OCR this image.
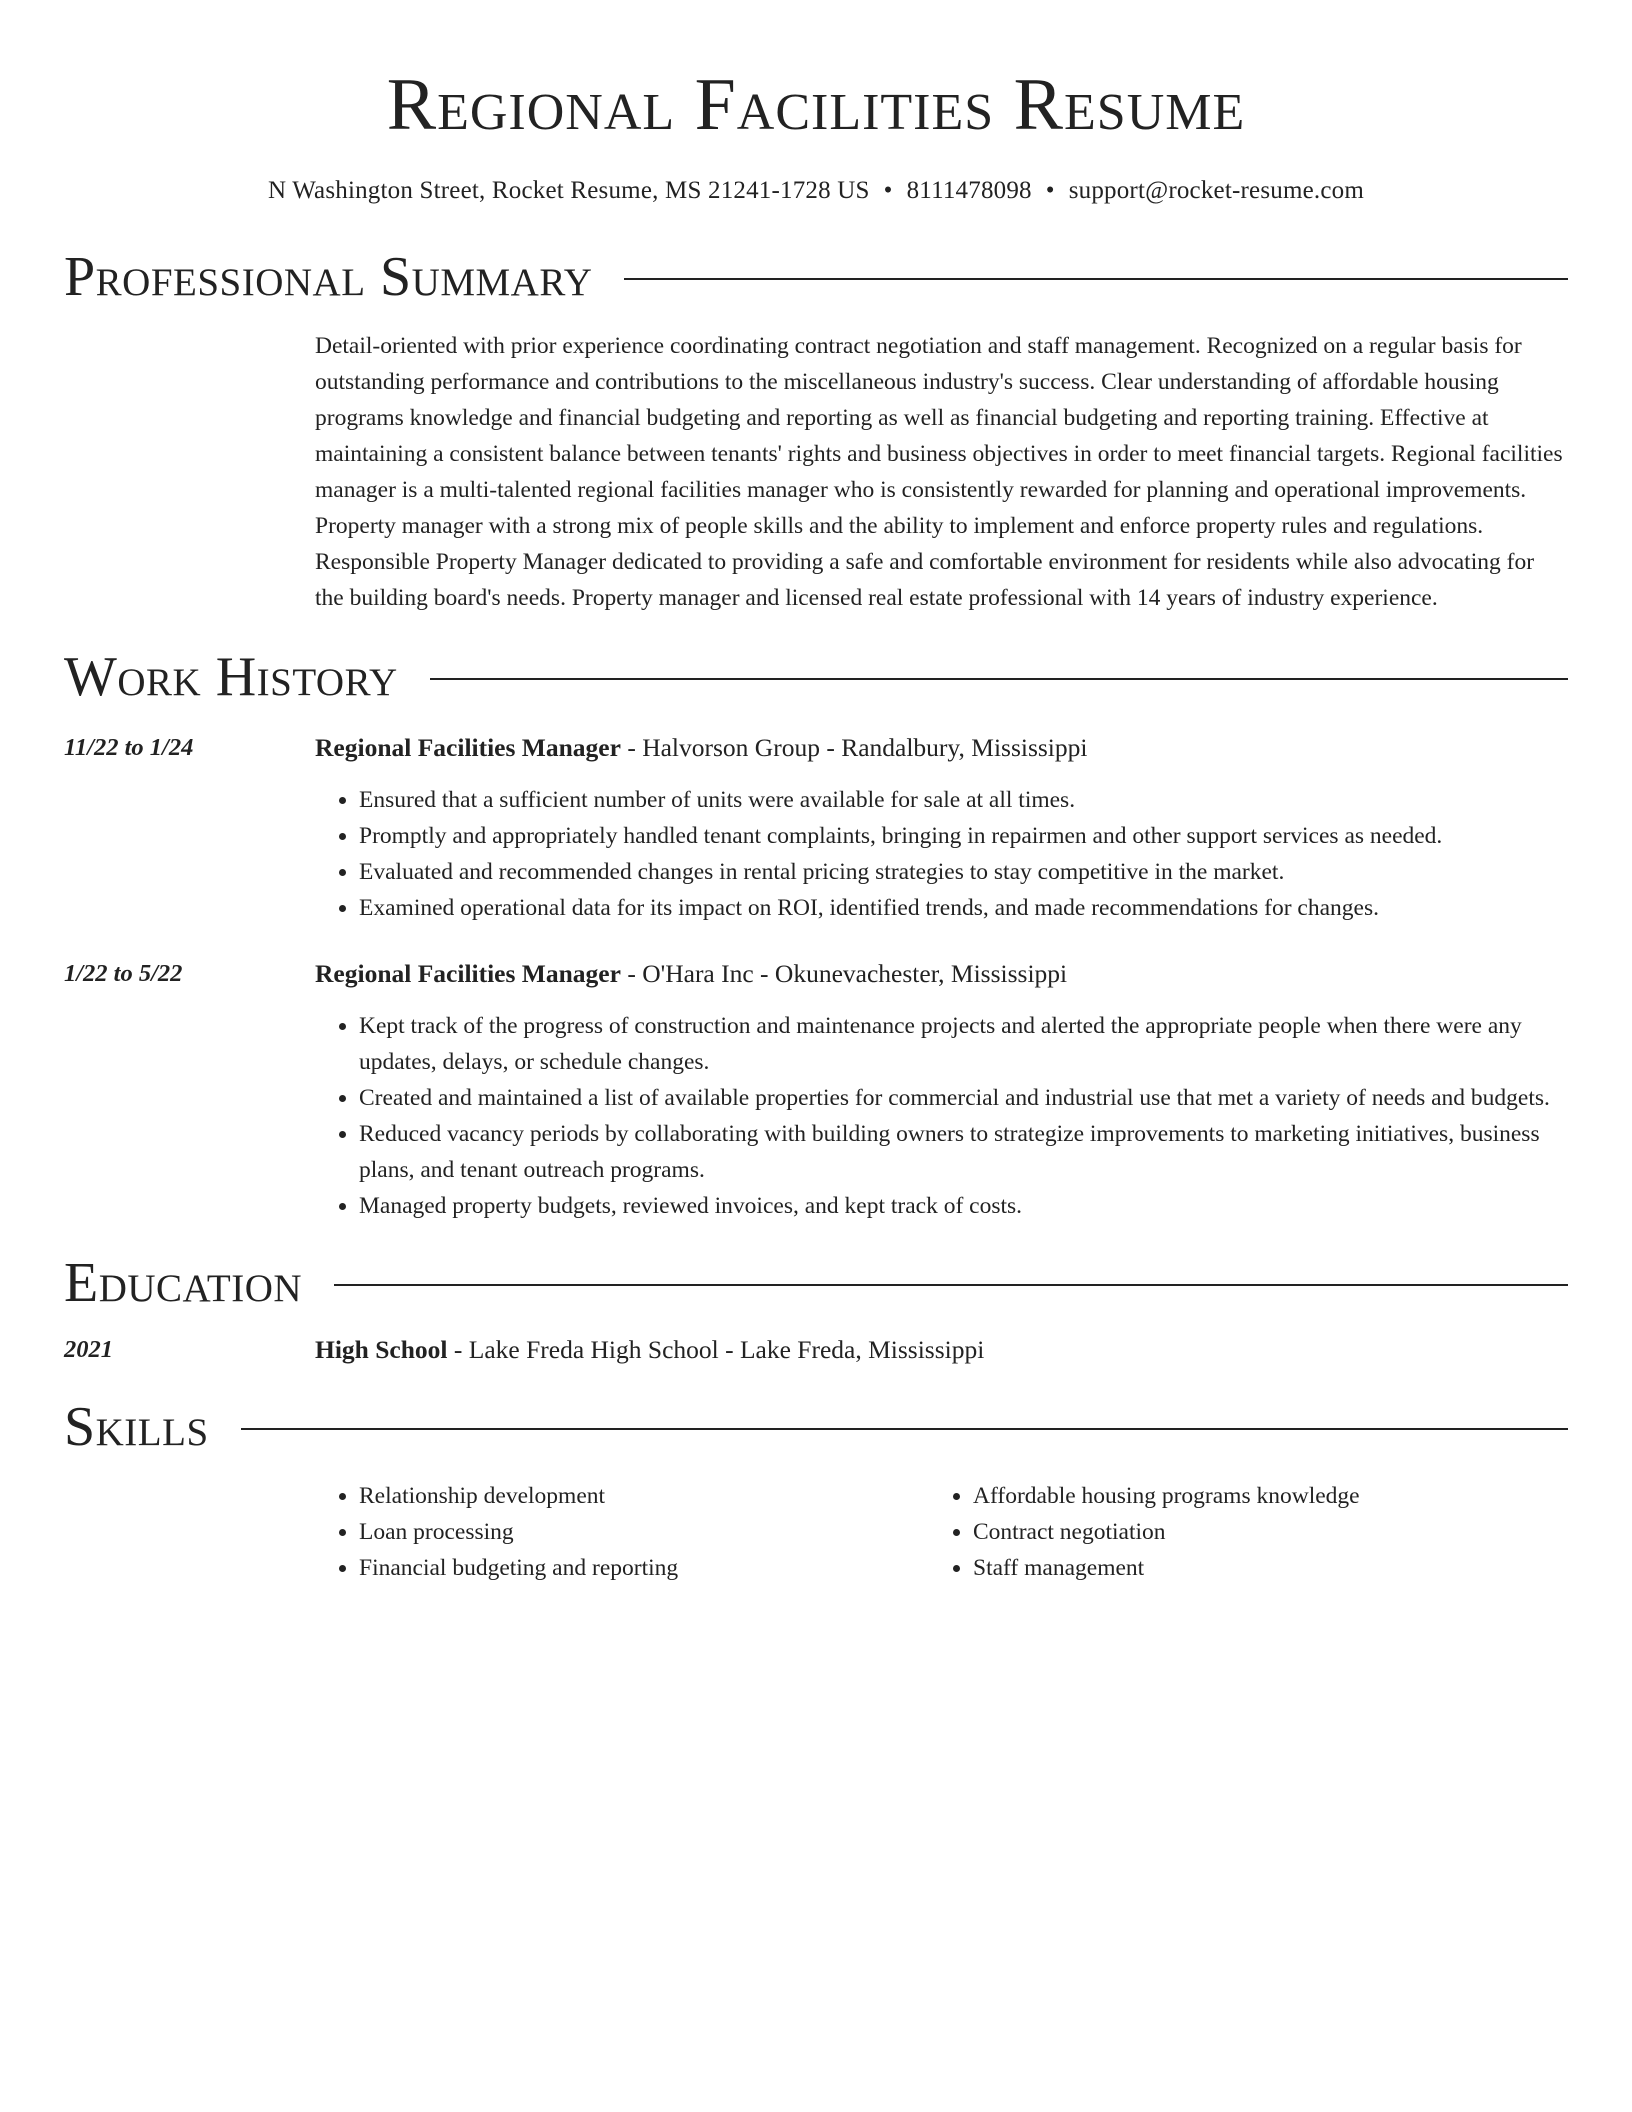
Regional Facilities Resume
N Washington Street, Rocket Resume, MS 21241-1728 US • 8111478098 • support@rocket-resume.com
Professional Summary
Detail-oriented with prior experience coordinating contract negotiation and staff management. Recognized on a regular basis for outstanding performance and contributions to the miscellaneous industry's success. Clear understanding of affordable housing programs knowledge and financial budgeting and reporting as well as financial budgeting and reporting training. Effective at maintaining a consistent balance between tenants' rights and business objectives in order to meet financial targets. Regional facilities manager is a multi-talented regional facilities manager who is consistently rewarded for planning and operational improvements. Property manager with a strong mix of people skills and the ability to implement and enforce property rules and regulations. Responsible Property Manager dedicated to providing a safe and comfortable environment for residents while also advocating for the building board's needs. Property manager and licensed real estate professional with 14 years of industry experience.
Work History
11/22 to 1/24	Regional Facilities Manager - Halvorson Group - Randalbury, Mississippi
• Ensured that a sufficient number of units were available for sale at all times.
• Promptly and appropriately handled tenant complaints, bringing in repairmen and other support services as needed.
• Evaluated and recommended changes in rental pricing strategies to stay competitive in the market.
• Examined operational data for its impact on ROI, identified trends, and made recommendations for changes.
1/22 to 5/22	Regional Facilities Manager - O'Hara Inc - Okunevachester, Mississippi
• Kept track of the progress of construction and maintenance projects and alerted the appropriate people when there were any updates, delays, or schedule changes.
• Created and maintained a list of available properties for commercial and industrial use that met a variety of needs and budgets.
• Reduced vacancy periods by collaborating with building owners to strategize improvements to marketing initiatives, business plans, and tenant outreach programs.
• Managed property budgets, reviewed invoices, and kept track of costs.
Education
2021	High School - Lake Freda High School - Lake Freda, Mississippi
Skills
• Relationship development
• Loan processing
• Financial budgeting and reporting
• Affordable housing programs knowledge
• Contract negotiation
• Staff management
